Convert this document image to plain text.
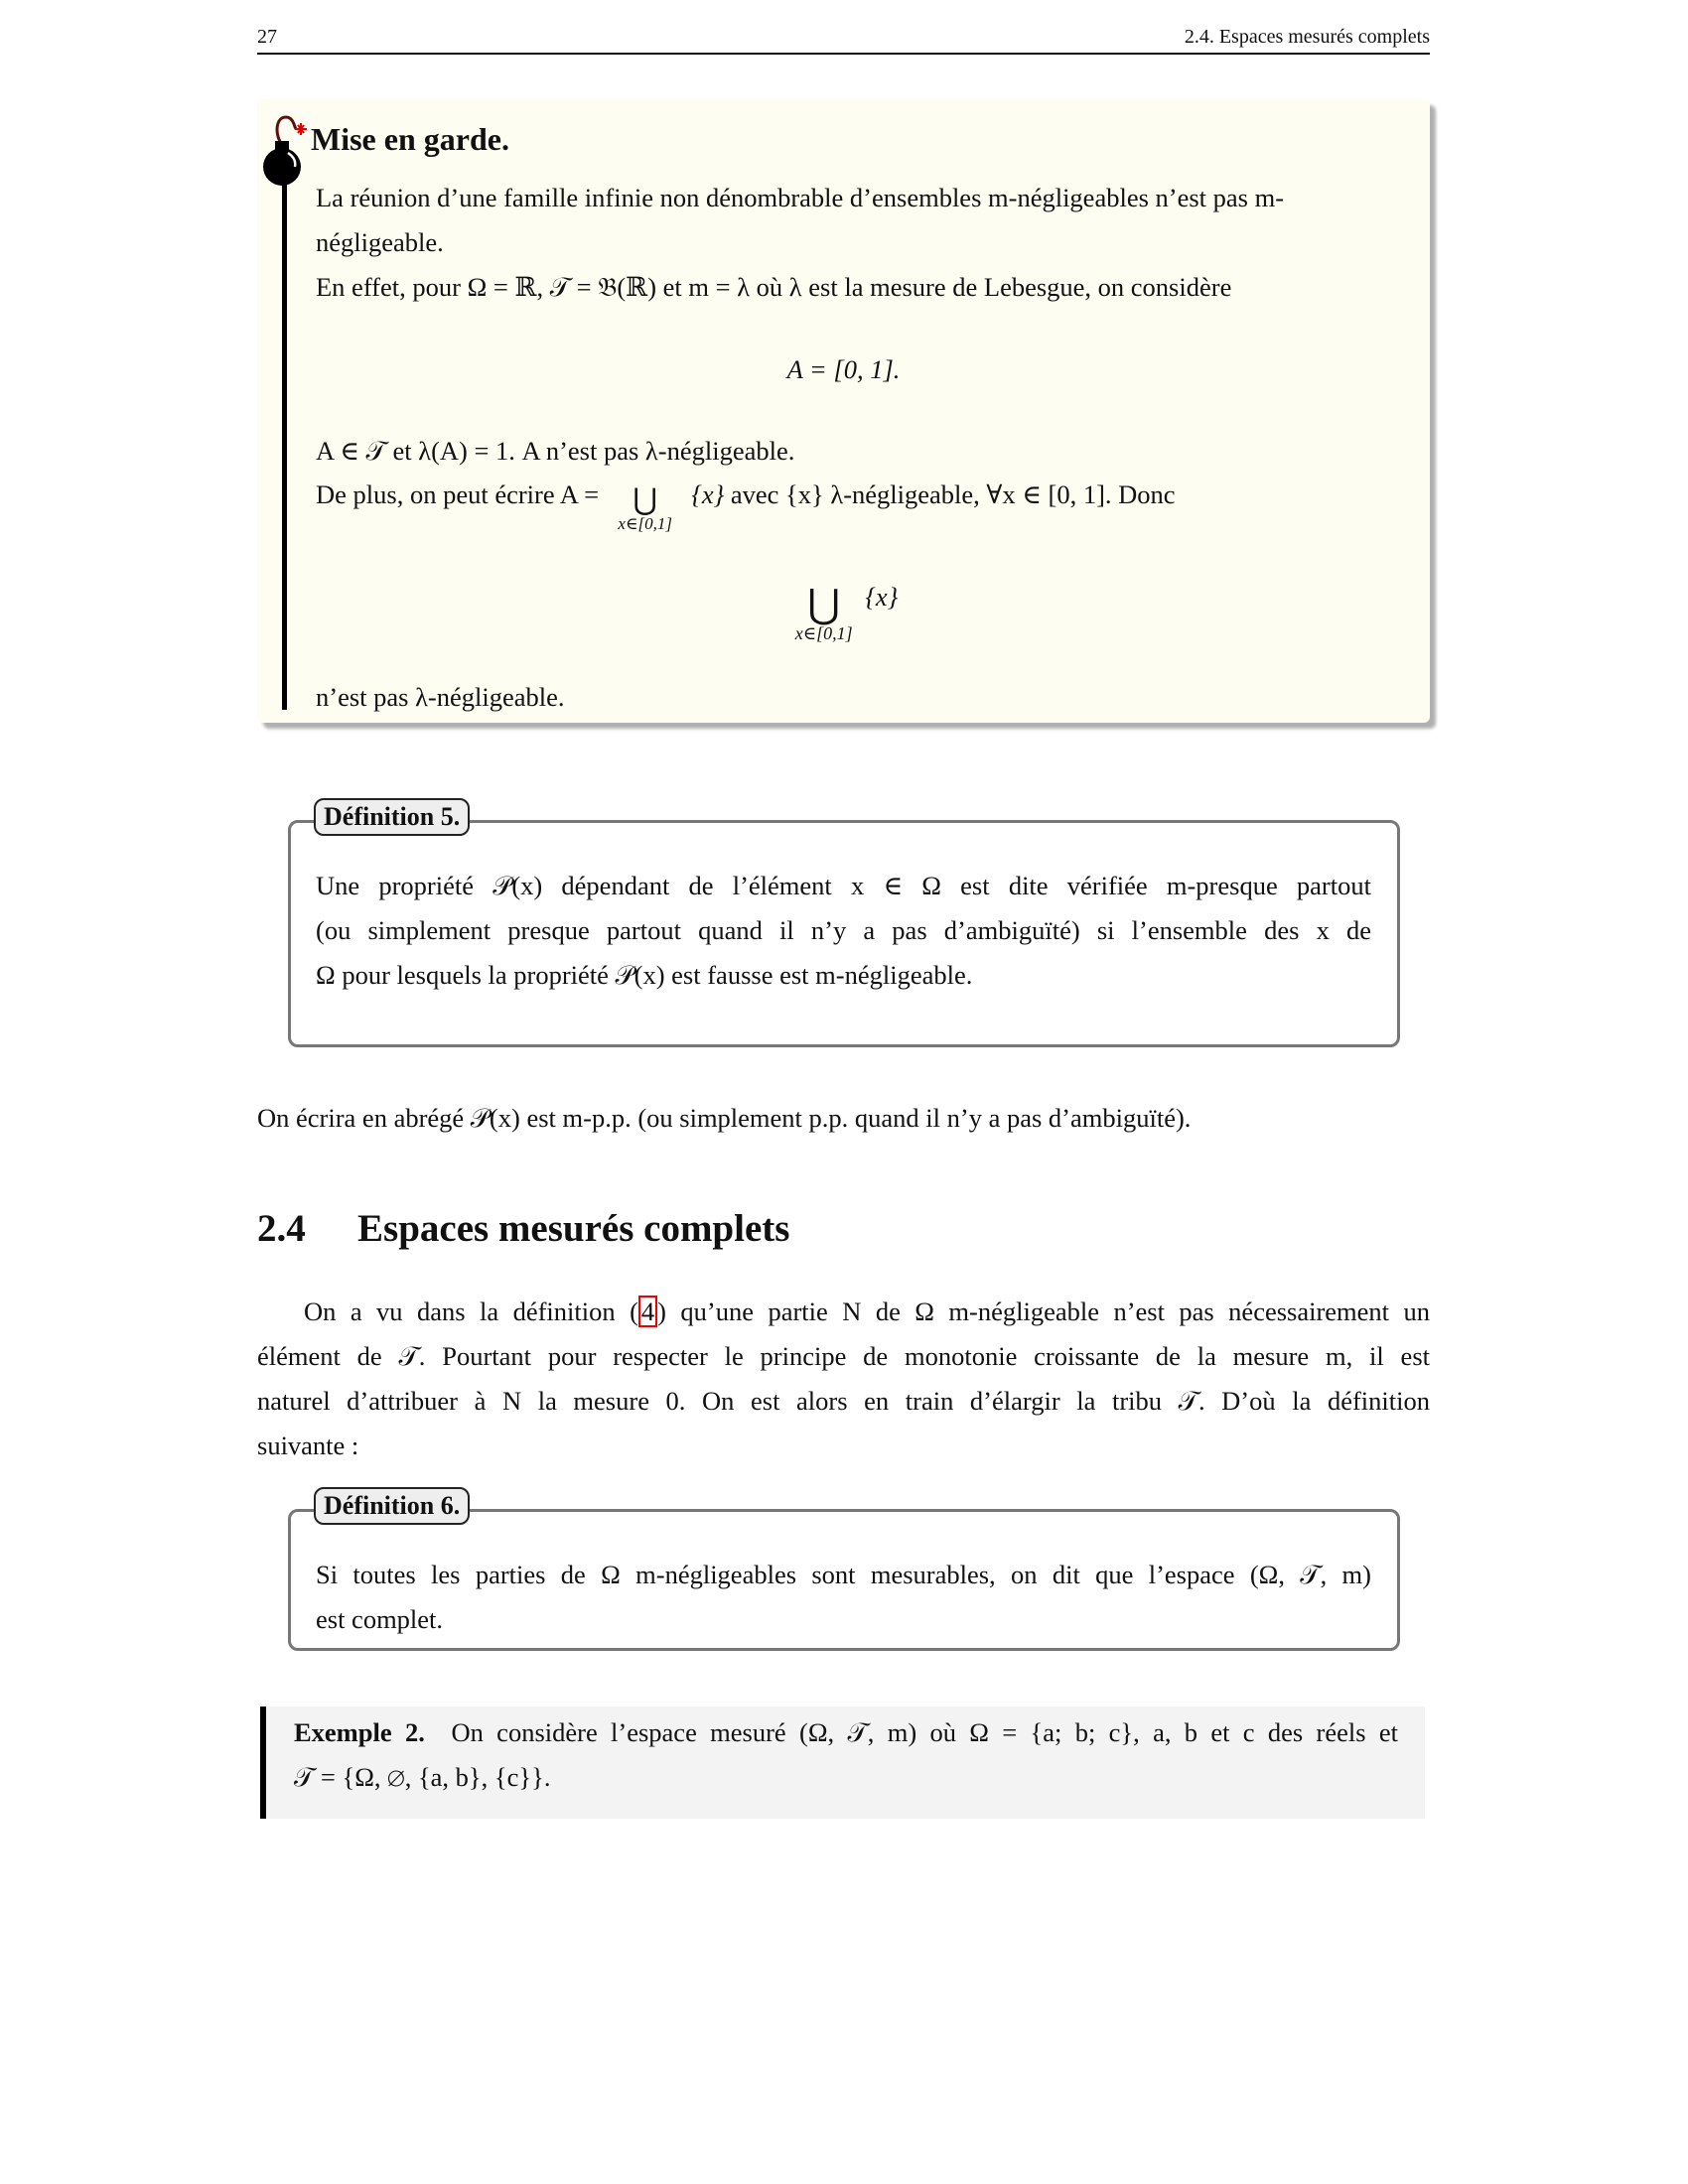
27	2.4. Espaces mesurés complets
Mise en garde.
La réunion d’une famille infinie non dénombrable d’ensembles m-négligeables n’est pas m-
négligeable.
En effet, pour Ω = ℝ, 𝒯 = 𝔅(ℝ) et m = λ où λ est la mesure de Lebesgue, on considère
A = [0, 1].
A ∈ 𝒯 et λ(A) = 1. A n’est pas λ-négligeable.
De plus, on peut écrire A =	⋃
x∈[0,1]
{x} avec {x} λ-négligeable, ∀x ∈ [0, 1]. Donc
⋃
x∈[0,1]
{x}
n’est pas λ-négligeable.
Définition 5.
Une propriété 𝒫(x) dépendant de l’élément x ∈ Ω est dite vérifiée m-presque partout
(ou simplement presque partout quand il n’y a pas d’ambiguïté) si l’ensemble des x de
Ω pour lesquels la propriété 𝒫(x) est fausse est m-négligeable.
On écrira en abrégé 𝒫(x) est m-p.p. (ou simplement p.p. quand il n’y a pas d’ambiguïté).
2.4 Espaces mesurés complets
On a vu dans la définition ( 4 ) qu’une partie N de Ω m-négligeable n’est pas nécessairement un
élément de 𝒯. Pourtant pour respecter le principe de monotonie croissante de la mesure m, il est
naturel d’attribuer à N la mesure 0. On est alors en train d’élargir la tribu 𝒯. D’où la définition
suivante :
Définition 6.
Si toutes les parties de Ω m-négligeables sont mesurables, on dit que l’espace (Ω, 𝒯, m)
est complet.
Exemple 2. On considère l’espace mesuré (Ω, 𝒯, m) où Ω = {a; b; c}, a, b et c des réels et
𝒯 = {Ω, ∅, {a, b}, {c}}.
